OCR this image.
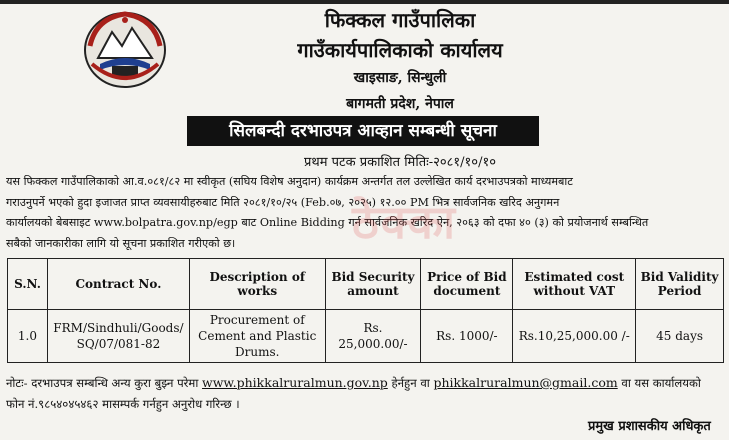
फिक्कल गाउँपालिका
गाउँकार्यपालिकाको कार्यालय
खाइसाङ, सिन्धुली
बागमती प्रदेश, नेपाल
सिलबन्दी दरभाउपत्र आव्हान सम्बन्धी सूचना
प्रथम पटक प्रकाशित मितिः-२०८१/१०/१०
यस फिक्कल गाउँपालिकाको आ.व.०८१/८२ मा स्वीकृत (सघिय विशेष अनुदान) कार्यक्रम अन्तर्गत तल उल्लेखित कार्य दरभाउपत्रको माध्यमबाट
गराउनुपर्ने भएको हुदा इजाजत प्राप्त व्यवसायीहरुबाट मिति २०८१/१०/२५ (Feb.०७, २०२५) १२.०० PM भित्र सार्वजनिक खरिद अनुगमन
कार्यालयको बेबसाइट www.bolpatra.gov.np/egp बाट Online Bidding गर्न सार्वजनिक खरिद ऐन, २०६३ को दफा ४० (३) को प्रयोजनार्थ सम्बन्धित
सबैको जानकारीका लागि यो सूचना प्रकाशित गरीएको छ।	ठेक्का
S.N.	Contract No.	Description of works	Bid Security amount	Price of Bid document	Estimated cost without VAT	Bid Validity Period
1.0	FRM/Sindhuli/Goods/ SQ/07/081-82	Procurement of Cement and Plastic Drums.	Rs. 25,000.00/-	Rs. 1000/-	Rs.10,25,000.00 /-	45 days
नोटः- दरभाउपत्र सम्बन्धि अन्य कुरा बुझ्न परेमा www.phikkalruralmun.gov.np हेर्नहुन वा phikkalruralmun@gmail.com वा यस कार्यालयको
फोन नं.९८५४०४५४६२ मासम्पर्क गर्नहुन अनुरोध गरिन्छ ।
प्रमुख प्रशासकीय अधिकृत
